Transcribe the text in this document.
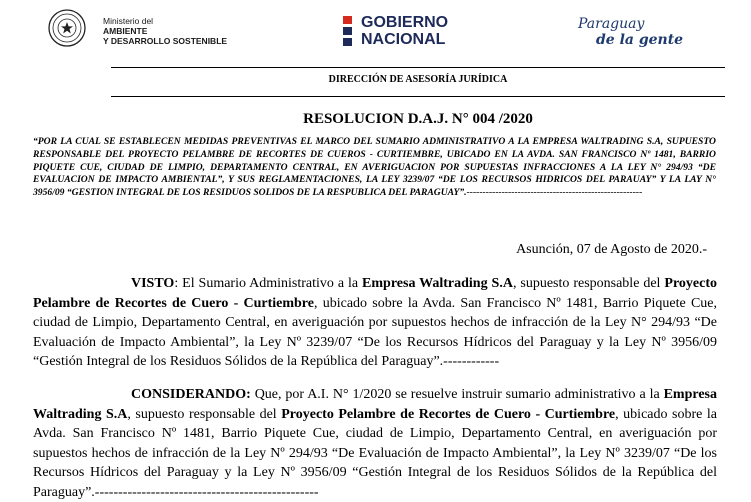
Ministerio del
AMBIENTE
Y DESARROLLO SOSTENIBLE
GOBIERNO
NACIONAL
Paraguay
de la gente
DIRECCIÓN DE ASESORÍA JURÍDICA
RESOLUCION D.A.J. N° 004 /2020
“POR LA CUAL SE ESTABLECEN MEDIDAS PREVENTIVAS EL MARCO DEL SUMARIO ADMINISTRATIVO A LA EMPRESA WALTRADING S.A, SUPUESTO RESPONSABLE DEL PROYECTO PELAMBRE DE RECORTES DE CUEROS - CURTIEMBRE, UBICADO EN LA AVDA. SAN FRANCISCO Nº 1481, BARRIO PIQUETE CUE, CIUDAD DE LIMPIO, DEPARTAMENTO CENTRAL, EN AVERIGUACION POR SUPUESTAS INFRACCIONES A LA LEY N° 294/93 “DE EVALUACION DE IMPACTO AMBIENTAL”, Y SUS REGLAMENTACIONES, LA LEY 3239/07 “DE LOS RECURSOS HIDRICOS DEL PARAUAY” Y LA LAY N° 3956/09 “GESTION INTEGRAL DE LOS RESIDUOS SOLIDOS DE LA RESPUBLICA DEL PARAGUAY”.-------------------------------------------------------
Asunción, 07 de Agosto de 2020.-
VISTO: El Sumario Administrativo a la Empresa Waltrading S.A, supuesto responsable del Proyecto Pelambre de Recortes de Cuero - Curtiembre, ubicado sobre la Avda. San Francisco Nº 1481, Barrio Piquete Cue, ciudad de Limpio, Departamento Central, en averiguación por supuestos hechos de infracción de la Ley N° 294/93 “De Evaluación de Impacto Ambiental”, la Ley Nº 3239/07 “De los Recursos Hídricos del Paraguay y la Ley Nº 3956/09 “Gestión Integral de los Residuos Sólidos de la República del Paraguay”.------------
CONSIDERANDO: Que, por A.I. N° 1/2020 se resuelve instruir sumario administrativo a la Empresa Waltrading S.A, supuesto responsable del Proyecto Pelambre de Recortes de Cuero - Curtiembre, ubicado sobre la Avda. San Francisco Nº 1481, Barrio Piquete Cue, ciudad de Limpio, Departamento Central, en averiguación por supuestos hechos de infracción de la Ley Nº 294/93 “De Evaluación de Impacto Ambiental”, la Ley Nº 3239/07 “De los Recursos Hídricos del Paraguay y la Ley Nº 3956/09 “Gestión Integral de los Residuos Sólidos de la República del Paraguay”.------------------------------------------------
